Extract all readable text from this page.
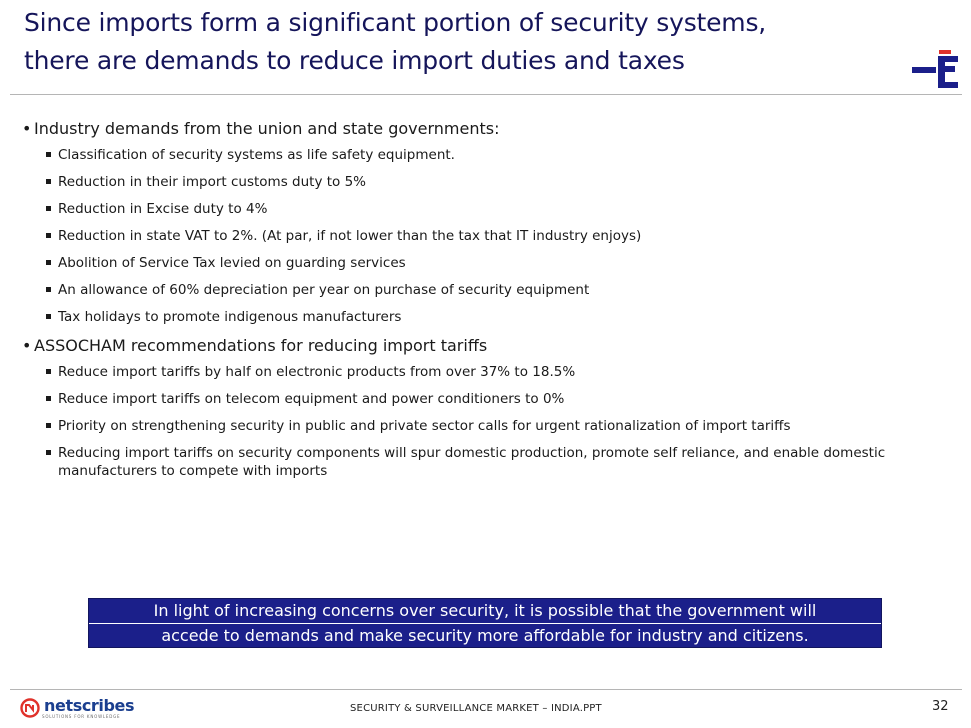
Since imports form a significant portion of security systems,
there are demands to reduce import duties and taxes

• Industry demands from the union and state governments:

Classification of security systems as life safety equipment.
Reduction in their import customs duty to 5%
Reduction in Excise duty to 4%
Reduction in state VAT to 2%. (At par, if not lower than the tax that IT industry enjoys)
Abolition of Service Tax levied on guarding services
An allowance of 60% depreciation per year on purchase of security equipment
Tax holidays to promote indigenous manufacturers

• ASSOCHAM recommendations for reducing import tariffs

Reduce import tariffs by half on electronic products from over 37% to 18.5%
Reduce import tariffs on telecom equipment and power conditioners to 0%
Priority on strengthening security in public and private sector calls for urgent rationalization of import tariffs
Reducing import tariffs on security components will spur domestic production, promote self reliance, and enable domestic manufacturers to compete with imports
In light of increasing concerns over security, it is possible that the government will
accede to demands and make security more affordable for industry and citizens.
netscribes
SOLUTIONS FOR KNOWLEDGE
SECURITY & SURVEILLANCE MARKET – INDIA.PPT	32
